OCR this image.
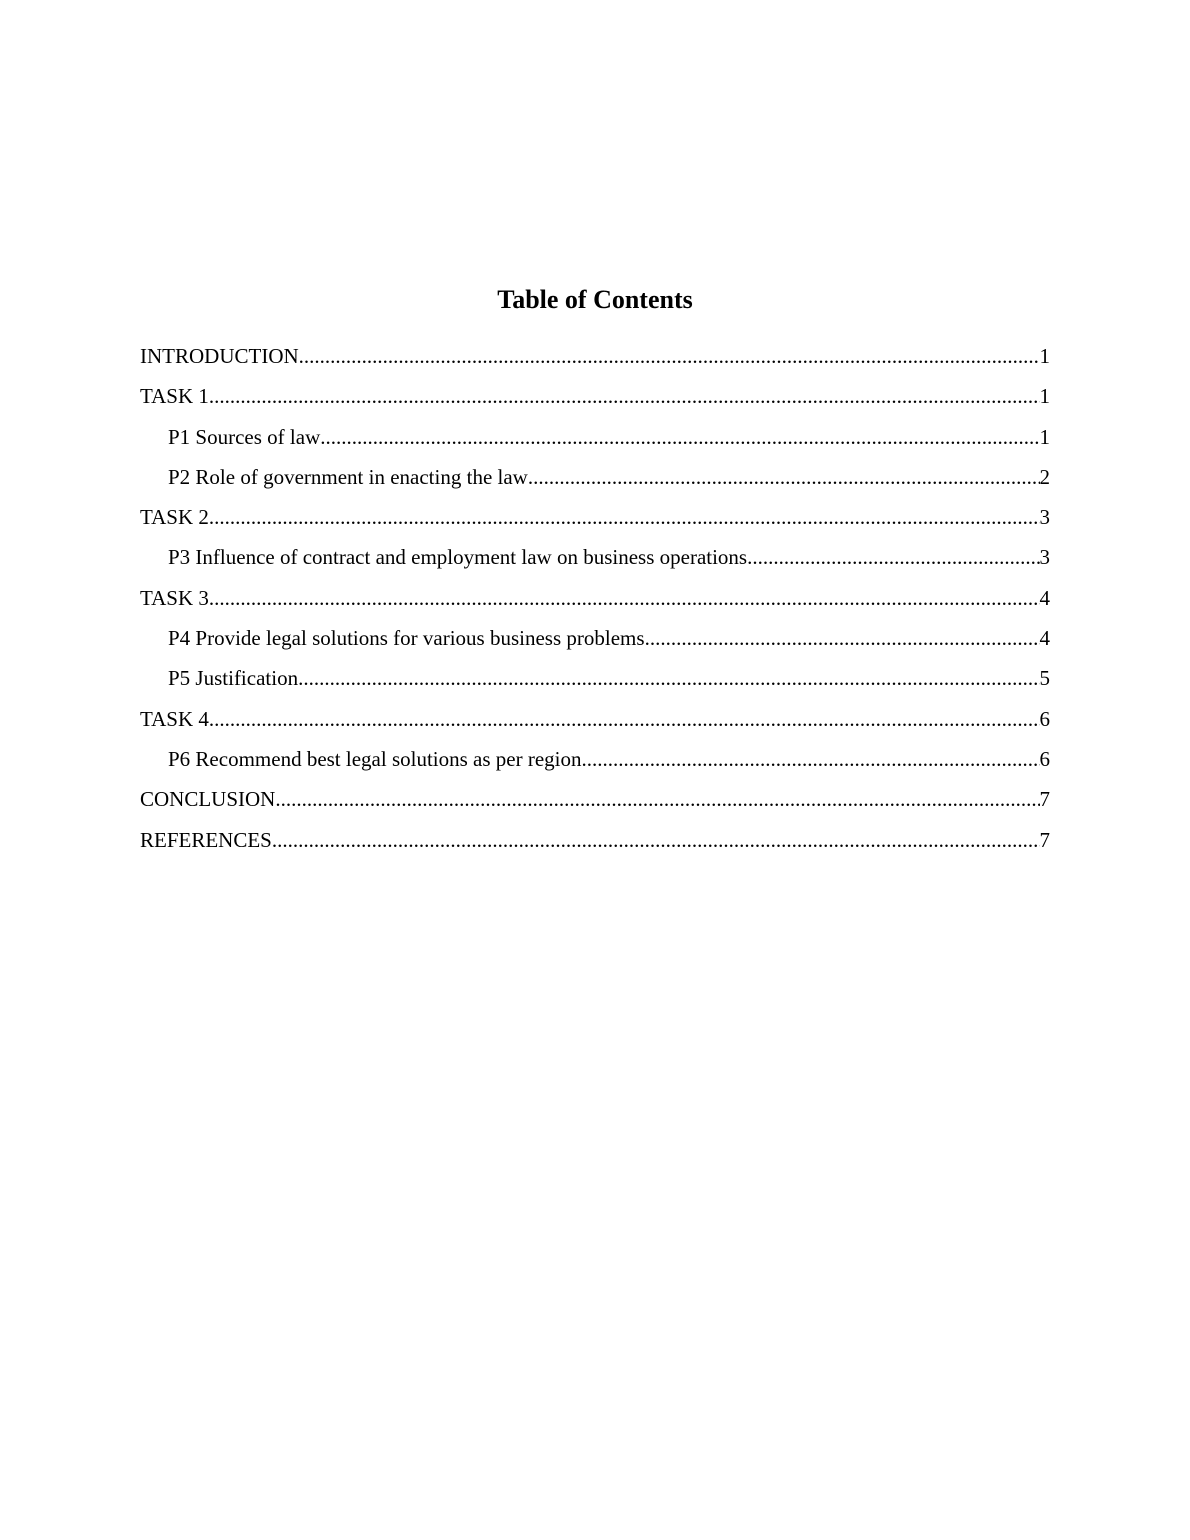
Table of Contents
INTRODUCTION .....	1
TASK 1 .....	1
P1 Sources of law .....	1
P2 Role of government in enacting the law .....	2
TASK 2 .....	3
P3 Influence of contract and employment law on business operations .....	3
TASK 3 .....	4
P4 Provide legal solutions for various business problems .....	4
P5 Justification .....	5
TASK 4 .....	6
P6 Recommend best legal solutions as per region .....	6
CONCLUSION .....	7
REFERENCES .....	7
